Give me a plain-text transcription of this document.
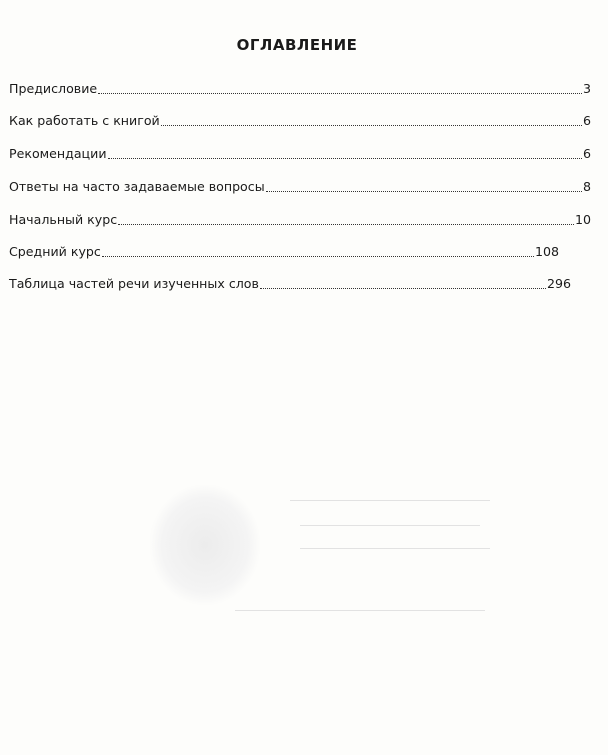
ОГЛАВЛЕНИЕ
Предисловие	3
Как работать с книгой	6
Рекомендации	6
Ответы на часто задаваемые вопросы	8
Начальный курс	10
Средний курс	108
Таблица частей речи изученных слов	296
